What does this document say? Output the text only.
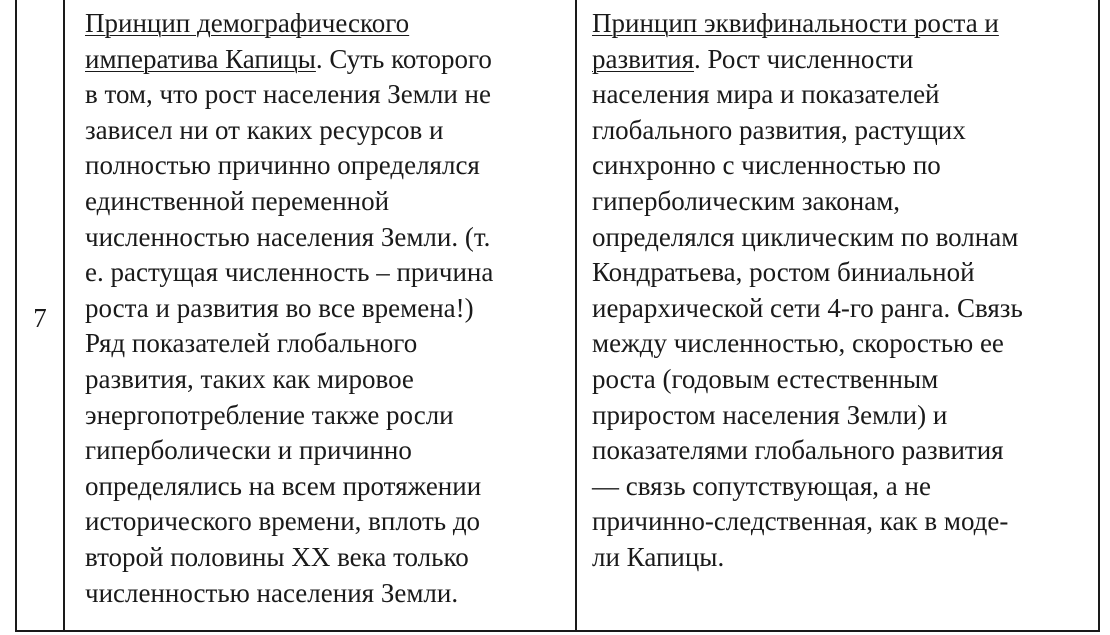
7
Принцип демографического
императива Капицы. Суть которого
в том, что рост населения Земли не
зависел ни от каких ресурсов и
полностью причинно определялся
единственной переменной
численностью населения Земли. (т.
е. растущая численность – причина
роста и развития во все времена!)
Ряд показателей глобального
развития, таких как мировое
энергопотребление также росли
гиперболически и причинно
определялись на всем протяжении
исторического времени, вплоть до
второй половины XX века только
численностью населения Земли.
Принцип эквифинальности роста и
развития. Рост численности
населения мира и показателей
глобального развития, растущих
синхронно с численностью по
гиперболическим законам,
определялся циклическим по волнам
Кондратьева, ростом биниальной
иерархической сети 4-го ранга. Связь
между численностью, скоростью ее
роста (годовым естественным
приростом населения Земли) и
показателями глобального развития
— связь сопутствующая, а не
причинно-следственная, как в моде-
ли Капицы.
